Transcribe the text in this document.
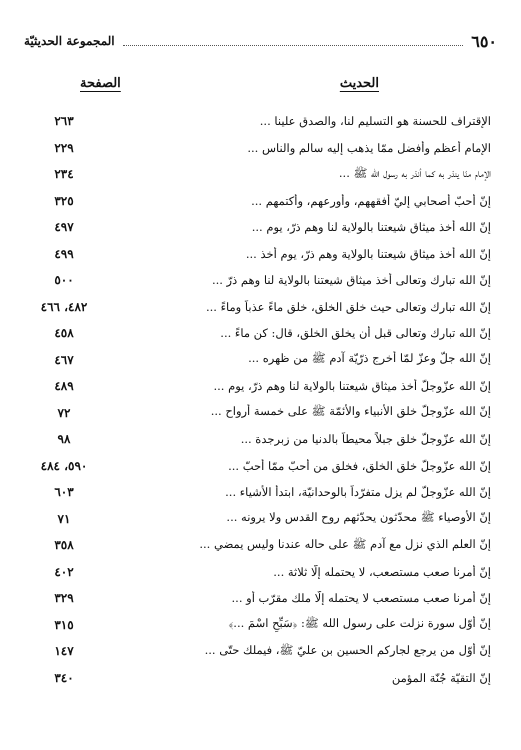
٦٥٠
المجموعة الحديثيّة
الحديث
الصفحة
الإقتراف للحسنة هو التسليم لنا، والصدق علينا ...
٢٦٣
الإمام أعظم وأفضل ممّا يذهب إليه سالم والناس ...
٢٢٩
الإمام منّا ينذر به كما أنذر به رسول الله ﷺ ...
٢٣٤
إنّ أحبّ أصحابي إليّ أفقههم، وأورعهم، وأكتمهم ...
٣٢٥
إنّ الله أخذ ميثاق شيعتنا بالولاية لنا وهم ذرّ، يوم ...
٤٩٧
إنّ الله أخذ ميثاق شيعتنا بالولاية وهم ذرّ، يوم أخذ ...
٤٩٩
إنّ الله تبارك وتعالى أخذ ميثاق شيعتنا بالولاية لنا وهم ذرّ ...
٥٠٠
إنّ الله تبارك وتعالى حيث خلق الخلق، خلق ماءً عذباً وماءً ...
٤٨٢، ٤٦٦
إنّ الله تبارك وتعالى قبل أن يخلق الخلق، قال: كن ماءً ...
٤٥٨
إنّ الله جلّ وعزّ لمّا أخرج ذرّيّة آدم ﷺ من ظهره ...
٤٦٧
إنّ الله عزّوجلّ أخذ ميثاق شيعتنا بالولاية لنا وهم ذرّ، يوم ...
٤٨٩
إنّ الله عزّوجلّ خلق الأنبياء والأئمّة ﷺ على خمسة أرواح ...
٧٢
إنّ الله عزّوجلّ خلق جبلاً محيطاً بالدنيا من زبرجدة ...
٩٨
إنّ الله عزّوجلّ خلق الخلق، فخلق من أحبّ ممّا أحبّ ...
٥٩٠، ٤٨٤
إنّ الله عزّوجلّ لم يزل متفرّداً بالوحدانيّة، ابتدأ الأشياء ...
٦٠٣
إنّ الأوصياء ﷺ محدّثون يحدّثهم روح القدس ولا يرونه ...
٧١
إنّ العلم الذي نزل مع آدم ﷺ على حاله عندنا وليس يمضي ...
٣٥٨
إنّ أمرنا صعب مستصعب، لا يحتمله إلّا ثلاثة ...
٤٠٢
إنّ أمرنا صعب مستصعب لا يحتمله إلّا ملك مقرّب أو ...
٣٢٩
إنّ أوّل سورة نزلت على رسول الله ﷺ: ﴿سَبِّحِ اسْمَ ...﴾
٣١٥
إنّ أوّل من يرجع لجاركم الحسين بن عليّ ﷺ، فيملك حتّى ...
١٤٧
إنّ التقيّة جُنّة المؤمن
٣٤٠
